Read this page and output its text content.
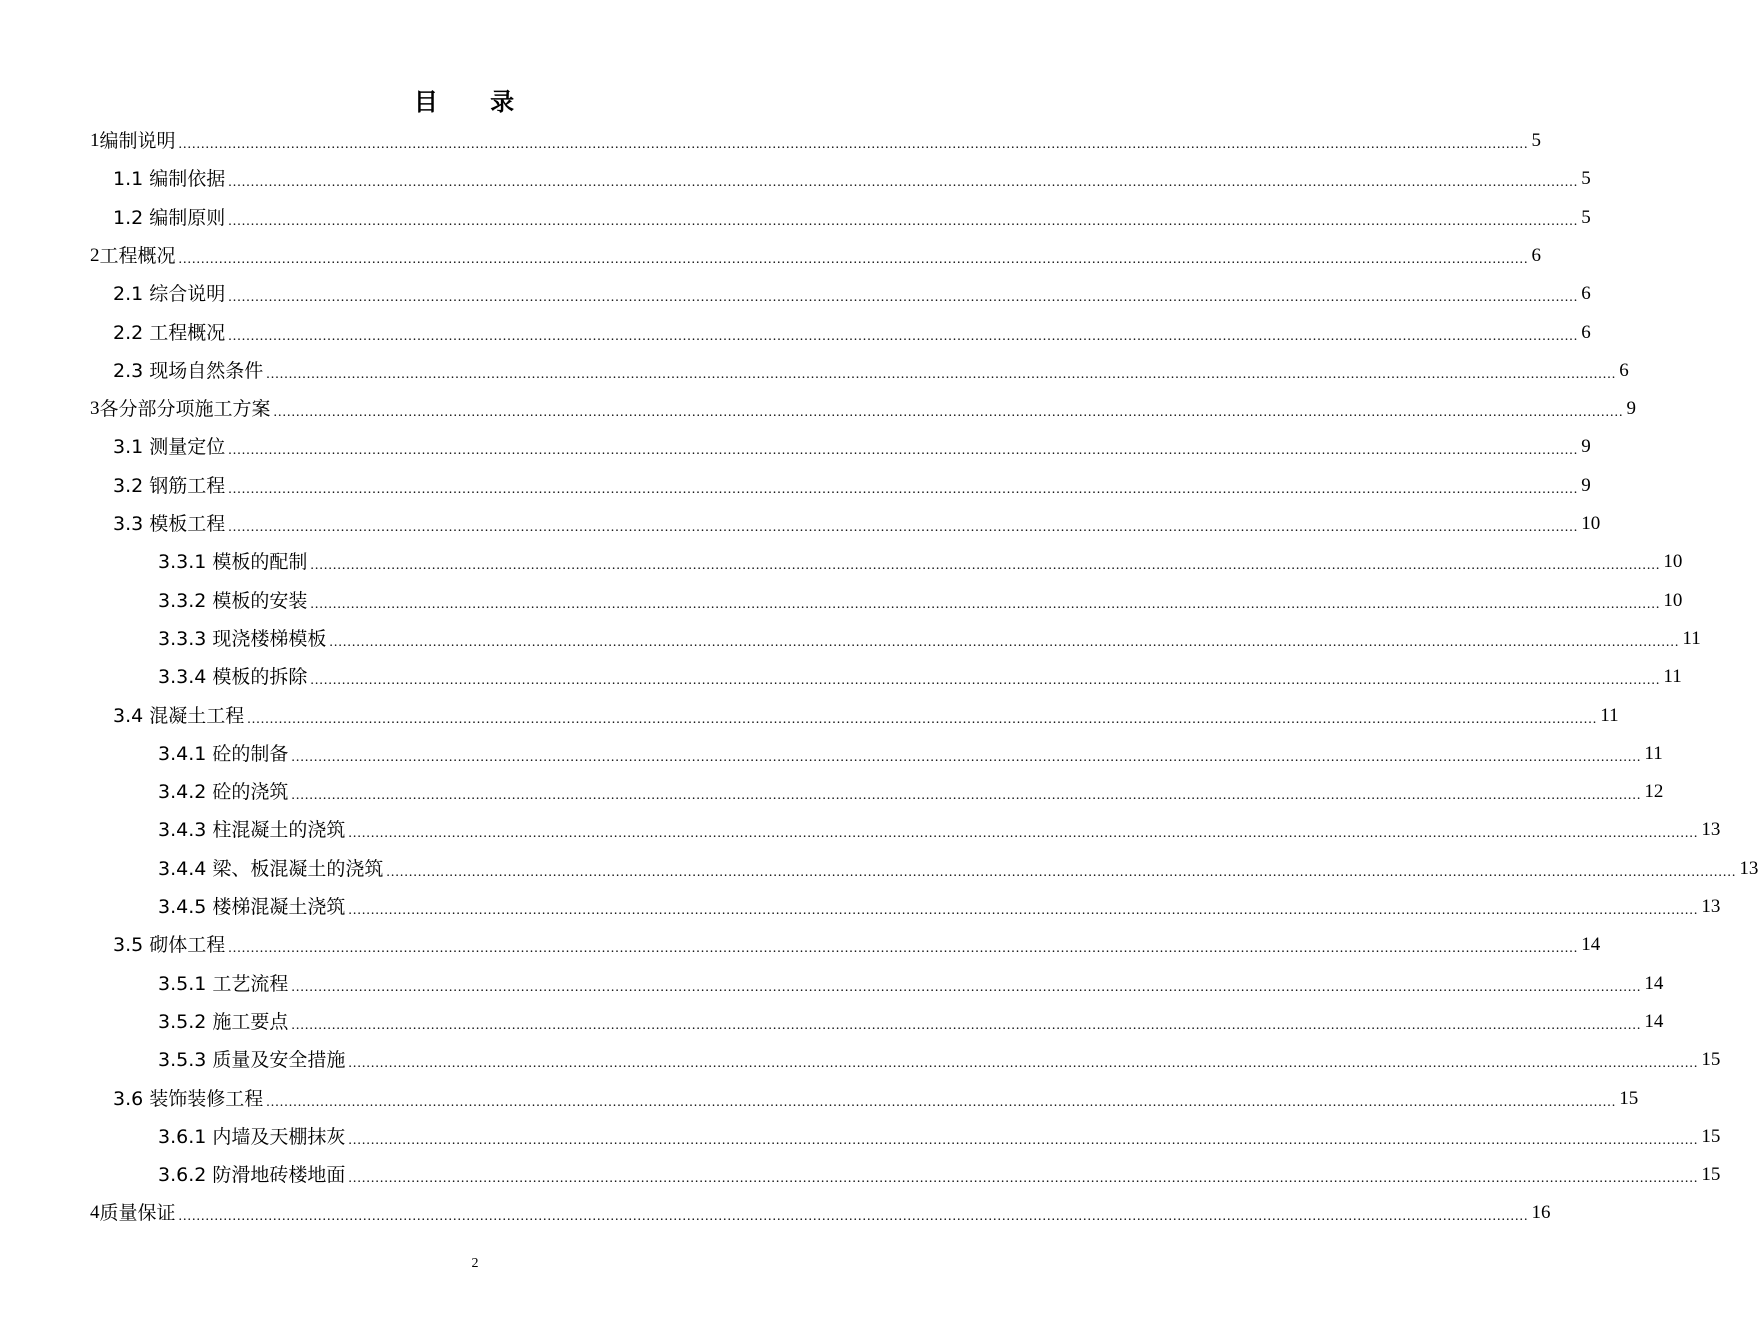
目 录
1 编制说明 ............................................................................................................................................................................................................................................................................................................ 5
1.1 编制依据 ............................................................................................................................................................................................................................................................................................................ 5
1.2 编制原则 ............................................................................................................................................................................................................................................................................................................ 5
2 工程概况 ............................................................................................................................................................................................................................................................................................................ 6
2.1 综合说明 ............................................................................................................................................................................................................................................................................................................ 6
2.2 工程概况 ............................................................................................................................................................................................................................................................................................................ 6
2.3 现场自然条件 ............................................................................................................................................................................................................................................................................................................ 6
3 各分部分项施工方案 ............................................................................................................................................................................................................................................................................................................ 9
3.1 测量定位 ............................................................................................................................................................................................................................................................................................................ 9
3.2 钢筋工程 ............................................................................................................................................................................................................................................................................................................ 9
3.3 模板工程 ............................................................................................................................................................................................................................................................................................................ 10
3.3.1 模板的配制 ............................................................................................................................................................................................................................................................................................................ 10
3.3.2 模板的安装 ............................................................................................................................................................................................................................................................................................................ 10
3.3.3 现浇楼梯模板 ............................................................................................................................................................................................................................................................................................................ 11
3.3.4 模板的拆除 ............................................................................................................................................................................................................................................................................................................ 11
3.4 混凝土工程 ............................................................................................................................................................................................................................................................................................................ 11
3.4.1 砼的制备 ............................................................................................................................................................................................................................................................................................................ 11
3.4.2 砼的浇筑 ............................................................................................................................................................................................................................................................................................................ 12
3.4.3 柱混凝土的浇筑 ............................................................................................................................................................................................................................................................................................................ 13
3.4.4 梁、板混凝土的浇筑 ............................................................................................................................................................................................................................................................................................................ 13
3.4.5 楼梯混凝土浇筑 ............................................................................................................................................................................................................................................................................................................ 13
3.5 砌体工程 ............................................................................................................................................................................................................................................................................................................ 14
3.5.1 工艺流程 ............................................................................................................................................................................................................................................................................................................ 14
3.5.2 施工要点 ............................................................................................................................................................................................................................................................................................................ 14
3.5.3 质量及安全措施 ............................................................................................................................................................................................................................................................................................................ 15
3.6 装饰装修工程 ............................................................................................................................................................................................................................................................................................................ 15
3.6.1 内墙及天棚抹灰 ............................................................................................................................................................................................................................................................................................................ 15
3.6.2 防滑地砖楼地面 ............................................................................................................................................................................................................................................................................................................ 15
4 质量保证 ............................................................................................................................................................................................................................................................................................................ 16
2
